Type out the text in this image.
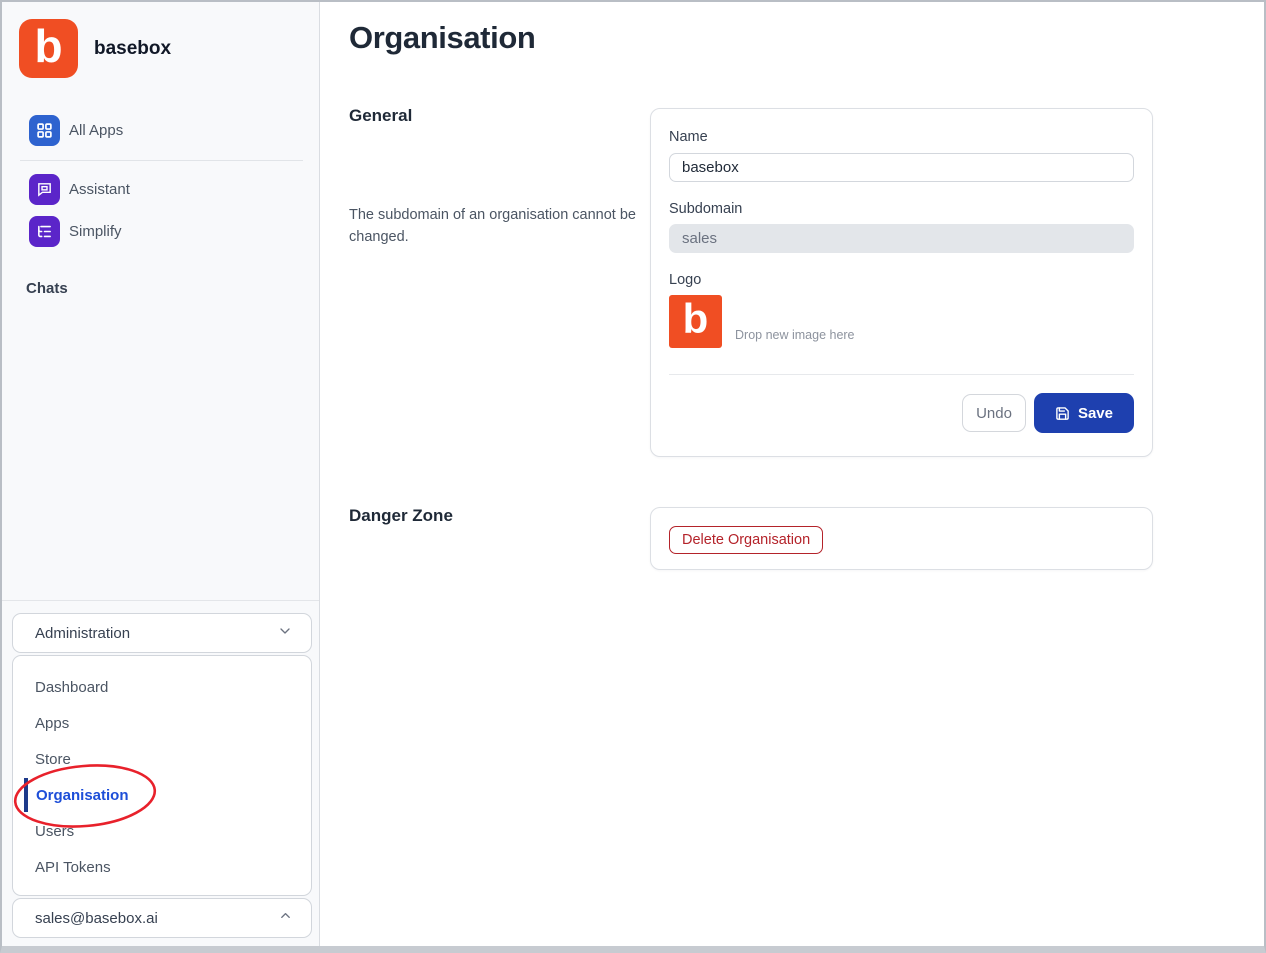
b basebox
All Apps
Assistant
Simplify
Chats
Administration
Dashboard
Apps
Store
Organisation
Users
API Tokens
sales@basebox.ai
Organisation
General

The subdomain of an organisation cannot be changed.

Name
basebox
Subdomain
sales
Logo
b Drop new image here
Undo	Save
Danger Zone
Delete Organisation
